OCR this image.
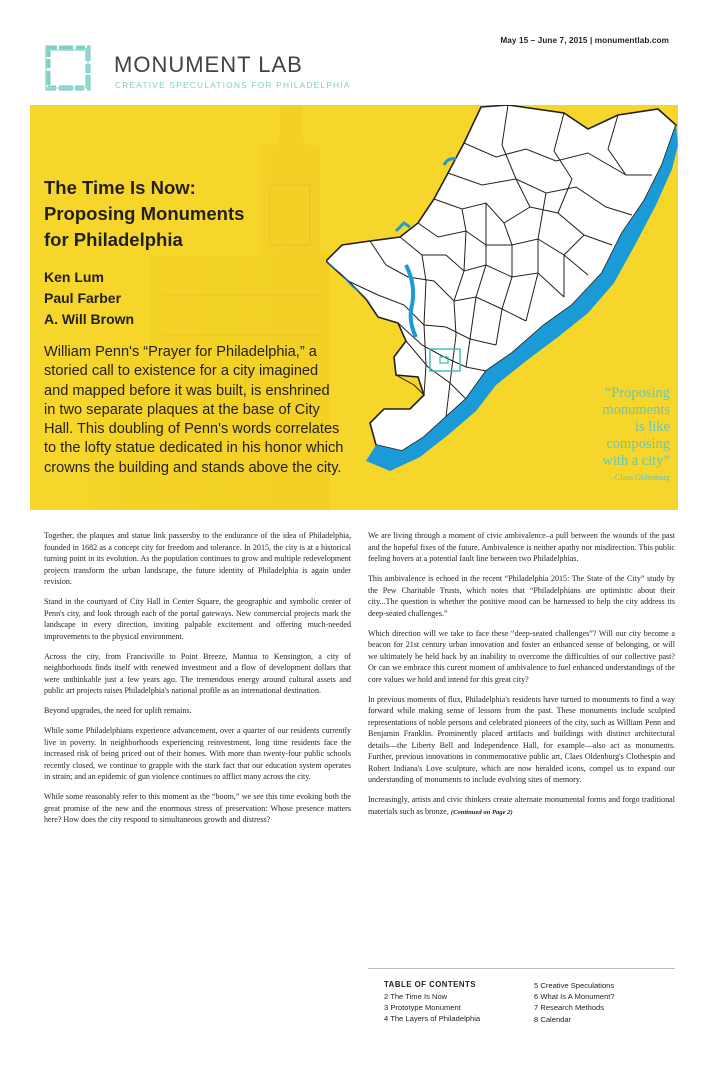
May 15 – June 7, 2015 | monumentlab.com
MONUMENT LAB
CREATIVE SPECULATIONS FOR PHILADELPHIA
The Time Is Now:
Proposing Monuments
for Philadelphia
Ken Lum
Paul Farber
A. Will Brown
William Penn's “Prayer for Philadelphia,” a storied call to existence for a city imagined and mapped before it was built, is enshrined in two separate plaques at the base of City Hall. This doubling of Penn's words correlates to the lofty statue dedicated in his honor which crowns the building and stands above the city.
“Proposing
monuments
is like
composing
with a city”
–Claes Oldenburg

Together, the plaques and statue link passersby to the endurance of the idea of Philadelphia, founded in 1682 as a concept city for freedom and tolerance. In 2015, the city is at a historical turning point in its evolution. As the population continues to grow and multiple redevelopment projects transform the urban landscape, the future identity of Philadelphia is again under revision.

Stand in the courtyard of City Hall in Center Square, the geographic and symbolic center of Penn's city, and look through each of the portal gateways. New commercial projects mark the landscape in every direction, inviting palpable excitement and offering much-needed improvements to the physical environment.

Across the city, from Francisville to Point Breeze, Mantua to Kensington, a city of neighborhoods finds itself with renewed investment and a flow of development dollars that were unthinkable just a few years ago. The tremendous energy around cultural assets and public art projects raises Philadelphia's national profile as an international destination.

Beyond upgrades, the need for uplift remains.

While some Philadelphians experience advancement, over a quarter of our residents currently live in poverty. In neighborhoods experiencing reinvestment, long time residents face the increased risk of being priced out of their homes. With more than twenty-four public schools recently closed, we continue to grapple with the stark fact that our education system operates in strain; and an epidemic of gun violence continues to afflict many across the city.

While some reasonably refer to this moment as the “boom,” we see this time evoking both the great promise of the new and the enormous stress of preservation: Whose presence matters here? How does the city respond to simultaneous growth and distress?

We are living through a moment of civic ambivalence–a pull between the wounds of the past and the hopeful fixes of the future. Ambivalence is neither apathy nor misdirection. This public feeling hovers at a potential fault line between two Philadelphias.

This ambivalence is echoed in the recent “Philadelphia 2015: The State of the City” study by the Pew Charitable Trusts, which notes that “Philadelphians are optimistic about their city...The question is whether the positive mood can be harnessed to help the city address its deep-seated challenges.”

Which direction will we take to face these “deep-seated challenges”? Will our city become a beacon for 21st century urban innovation and foster an enhanced sense of belonging, or will we ultimately be held back by an inability to overcome the difficulties of our collective past? Or can we embrace this curent moment of ambivalence to fuel enhanced understandings of the core values we hold and intend for this great city?

In previous moments of flux, Philadelphia's residents have turned to monuments to find a way forward while making sense of lessons from the past. These monuments include sculpted representations of noble persons and celebrated pioneers of the city, such as William Penn and Benjamin Franklin. Prominently placed artifacts and buildings with distinct architectural details—the Liberty Bell and Independence Hall, for example—also act as monuments. Further, previous innovations in commemorative public art, Claes Oldenburg's Clothespin and Robert Indiana's Love sculpture, which are now heralded icons, compel us to expand our understanding of monuments to include evolving sites of memory.

Increasingly, artists and civic thinkers create alternate monumental forms and forgo traditional materials such as bronze, (Continued on Page 2)

TABLE OF CONTENTS
2 The Time Is Now
3 Prototype Monument
4 The Layers of Philadelphia
5 Creative Speculations
6 What Is A Monument?
7 Research Methods
8 Calendar
